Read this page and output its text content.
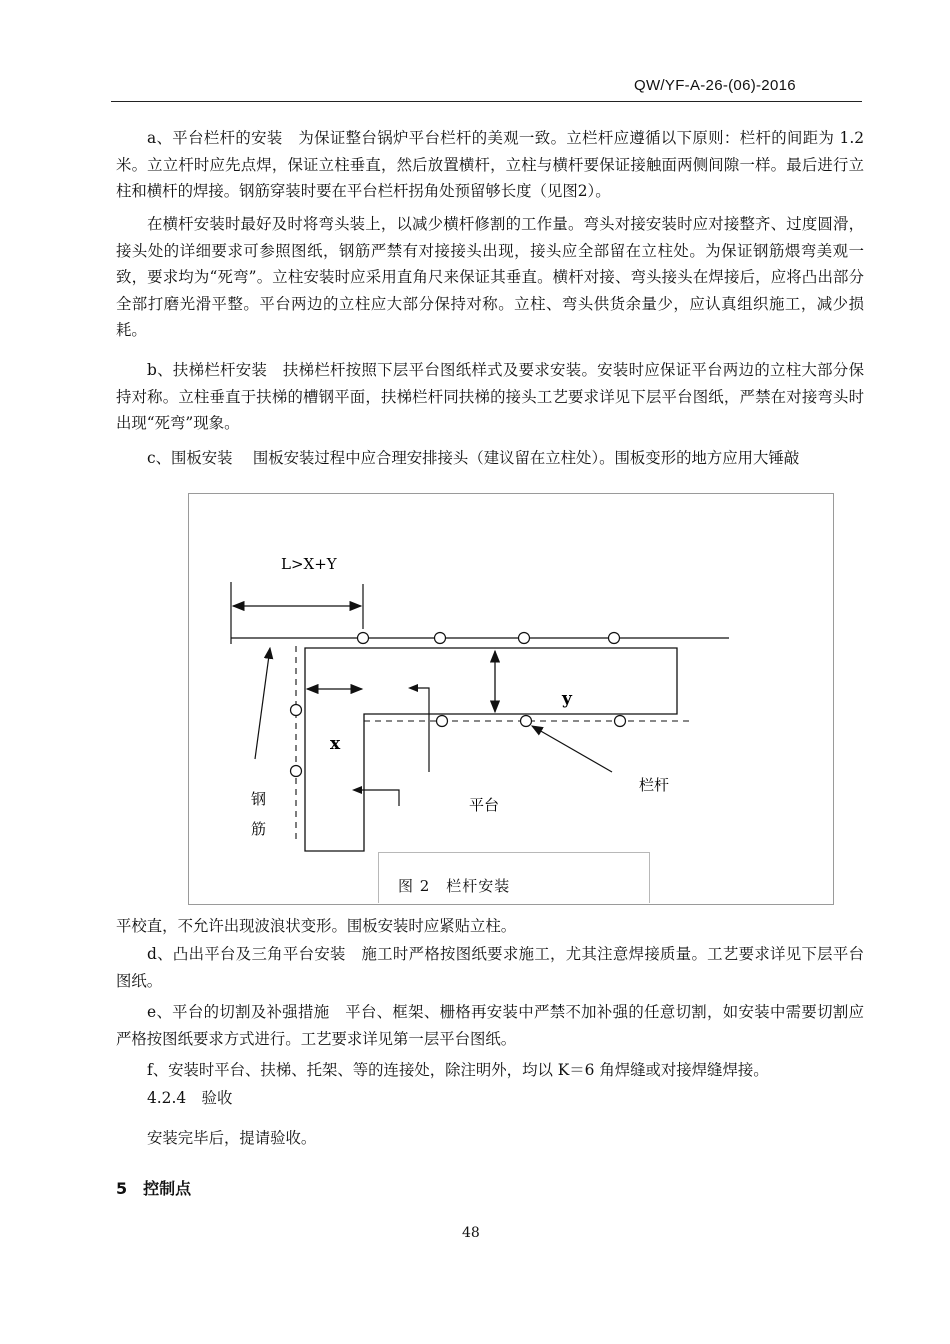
QW/YF-A-26-(06)-2016

a、平台栏杆的安装　为保证整台锅炉平台栏杆的美观一致。立栏杆应遵循以下原则：栏杆的间距为 1.2 米。立立杆时应先点焊，保证立柱垂直，然后放置横杆，立柱与横杆要保证接触面两侧间隙一样。最后进行立柱和横杆的焊接。钢筋穿装时要在平台栏杆拐角处预留够长度（见图2）。

在横杆安装时最好及时将弯头装上，以减少横杆修割的工作量。弯头对接安装时应对接整齐、过度圆滑，接头处的详细要求可参照图纸，钢筋严禁有对接接头出现，接头应全部留在立柱处。为保证钢筋煨弯美观一致，要求均为“死弯”。立柱安装时应采用直角尺来保证其垂直。横杆对接、弯头接头在焊接后，应将凸出部分全部打磨光滑平整。平台两边的立柱应大部分保持对称。立柱、弯头供货余量少，应认真组织施工，减少损耗。

b、扶梯栏杆安装　扶梯栏杆按照下层平台图纸样式及要求安装。安装时应保证平台两边的立柱大部分保持对称。立柱垂直于扶梯的槽钢平面，扶梯栏杆同扶梯的接头工艺要求详见下层平台图纸，严禁在对接弯头时出现“死弯”现象。

c、围板安装　 围板安装过程中应合理安排接头（建议留在立柱处）。围板变形的地方应用大锤敲

L>X+Y
x
y
钢
筋
平台
栏杆
图 2　栏杆安装

平校直，不允许出现波浪状变形。围板安装时应紧贴立柱。

d、凸出平台及三角平台安装　施工时严格按图纸要求施工，尤其注意焊接质量。工艺要求详见下层平台图纸。

e、平台的切割及补强措施　平台、框架、栅格再安装中严禁不加补强的任意切割，如安装中需要切割应严格按图纸要求方式进行。工艺要求详见第一层平台图纸。

f、安装时平台、扶梯、托架、等的连接处，除注明外，均以 K＝6 角焊缝或对接焊缝焊接。

4.2.4　验收

安装完毕后，提请验收。

5　控制点
48
